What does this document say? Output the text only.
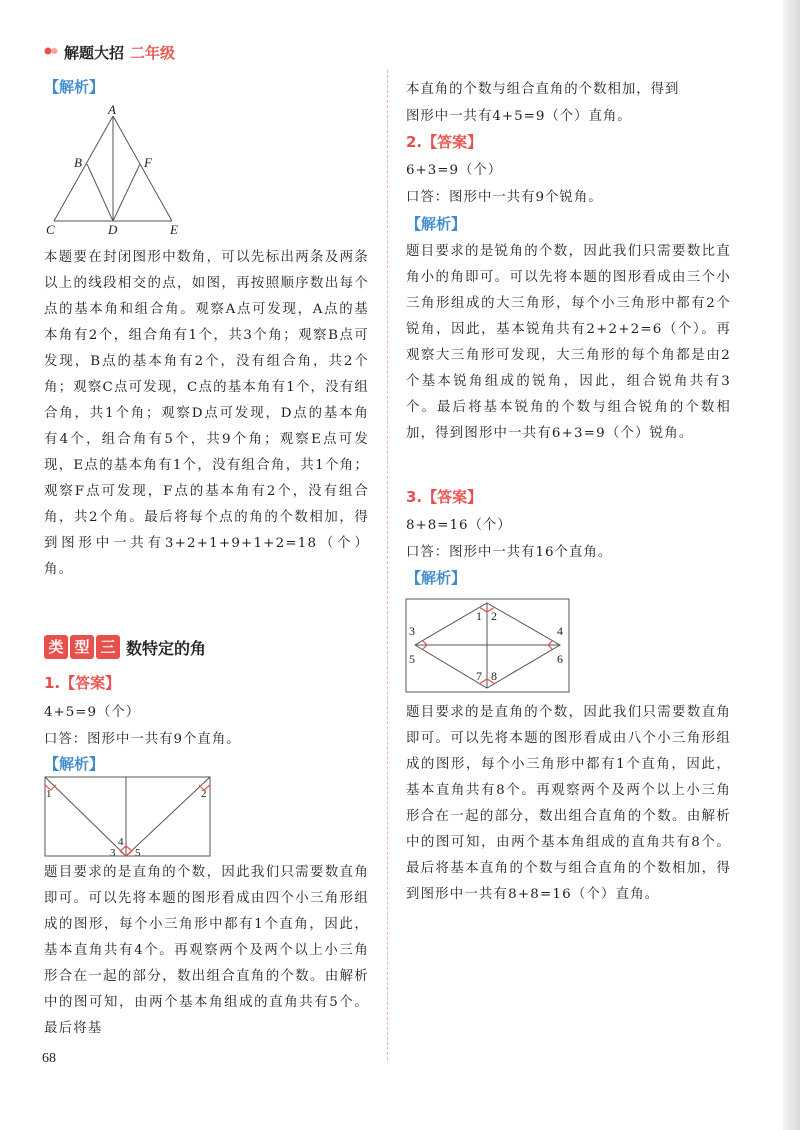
解题大招 二年级
【解析】
A
B	F
C	D	E
本题要在封闭图形中数角，可以先标出两条及两条以上的线段相交的点，如图，再按照顺序数出每个点的基本角和组合角。观察A点可发现，A点的基本角有2个，组合角有1个，共3个角；观察B点可发现，B点的基本角有2个，没有组合角，共2个角；观察C点可发现，C点的基本角有1个，没有组合角，共1个角；观察D点可发现，D点的基本角有4个，组合角有5个，共9个角；观察E点可发现，E点的基本角有1个，没有组合角，共1个角；观察F点可发现，F点的基本角有2个，没有组合角，共2个角。最后将每个点的角的个数相加，得到图形中一共有3+2+1+9+1+2=18（个）角。
类 型 三 数特定的角
1.【答案】
4+5=9（个）
口答：图形中一共有9个直角。
【解析】
1	2
4
3 5
题目要求的是直角的个数，因此我们只需要数直角即可。可以先将本题的图形看成由四个小三角形组成的图形，每个小三角形中都有1个直角，因此，基本直角共有4个。再观察两个及两个以上小三角形合在一起的部分，数出组合直角的个数。由解析中的图可知，由两个基本角组成的直角共有5个。最后将基
68
本直角的个数与组合直角的个数相加，得到
图形中一共有4+5=9（个）直角。
2.【答案】
6+3=9（个）
口答：图形中一共有9个锐角。
【解析】
题目要求的是锐角的个数，因此我们只需要数比直角小的角即可。可以先将本题的图形看成由三个小三角形组成的大三角形，每个小三角形中都有2个锐角，因此，基本锐角共有2+2+2=6（个）。再观察大三角形可发现，大三角形的每个角都是由2个基本锐角组成的锐角，因此，组合锐角共有3个。最后将基本锐角的个数与组合锐角的个数相加，得到图形中一共有6+3=9（个）锐角。
3.【答案】
8+8=16（个）
口答：图形中一共有16个直角。
【解析】
1 2
3	4
5	6
7 8
题目要求的是直角的个数，因此我们只需要数直角即可。可以先将本题的图形看成由八个小三角形组成的图形，每个小三角形中都有1个直角，因此，基本直角共有8个。再观察两个及两个以上小三角形合在一起的部分，数出组合直角的个数。由解析中的图可知，由两个基本角组成的直角共有8个。最后将基本直角的个数与组合直角的个数相加，得到图形中一共有8+8=16（个）直角。
